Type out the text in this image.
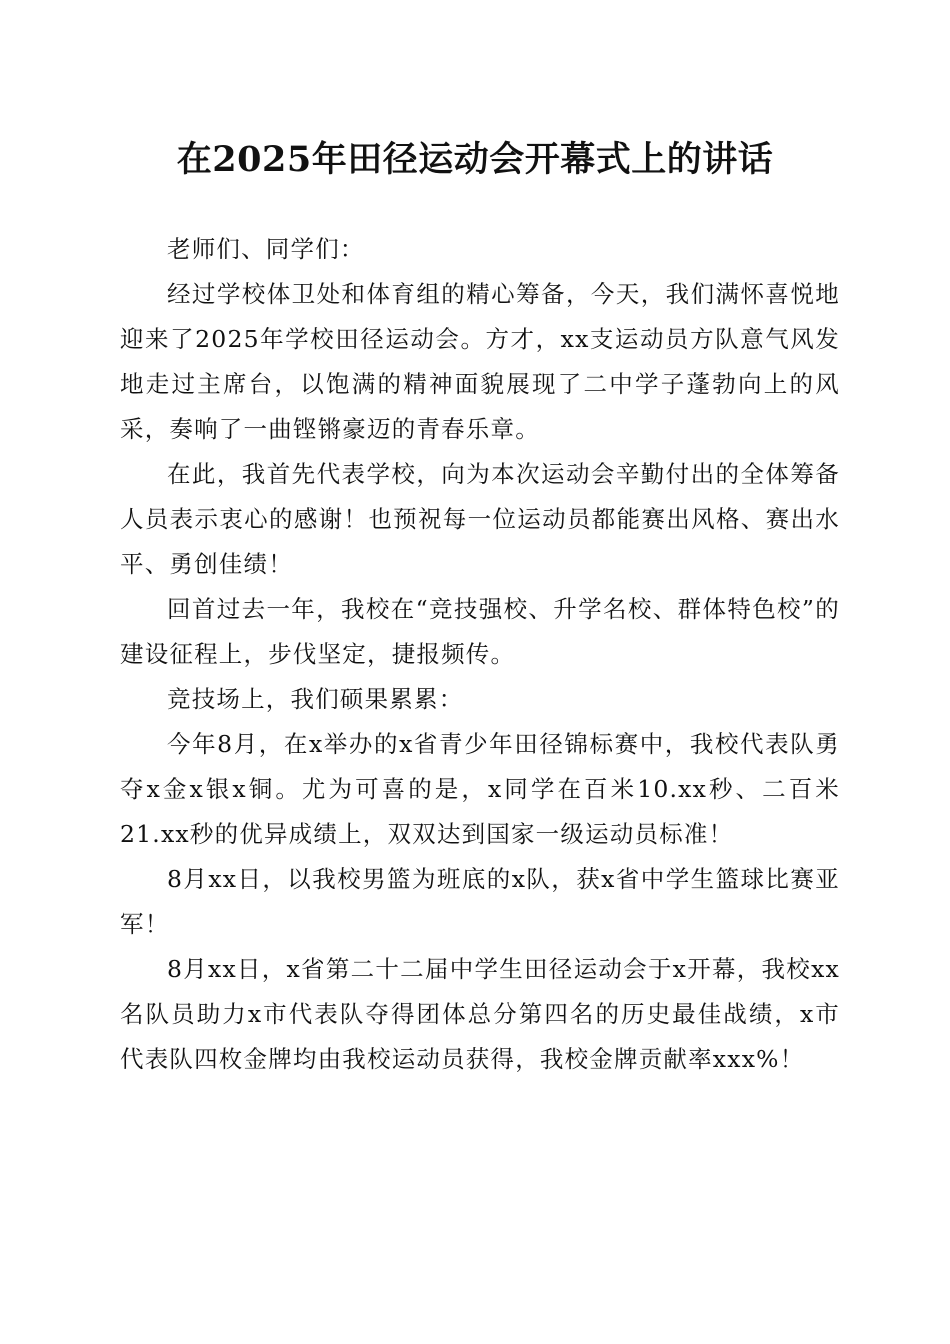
在2025年田径运动会开幕式上的讲话

老师们、同学们：

经过学校体卫处和体育组的精心筹备，今天，我们满怀喜悦地迎来了2025年学校田径运动会。方才，xx支运动员方队意气风发地走过主席台，以饱满的精神面貌展现了二中学子蓬勃向上的风采，奏响了一曲铿锵豪迈的青春乐章。

在此，我首先代表学校，向为本次运动会辛勤付出的全体筹备人员表示衷心的感谢！也预祝每一位运动员都能赛出风格、赛出水平、勇创佳绩！

回首过去一年，我校在“竞技强校、升学名校、群体特色校”的建设征程上，步伐坚定，捷报频传。

竞技场上，我们硕果累累：

今年8月，在x举办的x省青少年田径锦标赛中，我校代表队勇夺x金x银x铜。尤为可喜的是，x同学在百米10.xx秒、二百米21.xx秒的优异成绩上，双双达到国家一级运动员标准！

8月xx日，以我校男篮为班底的x队，获x省中学生篮球比赛亚军！

8月xx日，x省第二十二届中学生田径运动会于x开幕，我校xx名队员助力x市代表队夺得团体总分第四名的历史最佳战绩，x市代表队四枚金牌均由我校运动员获得，我校金牌贡献率xxx%！
